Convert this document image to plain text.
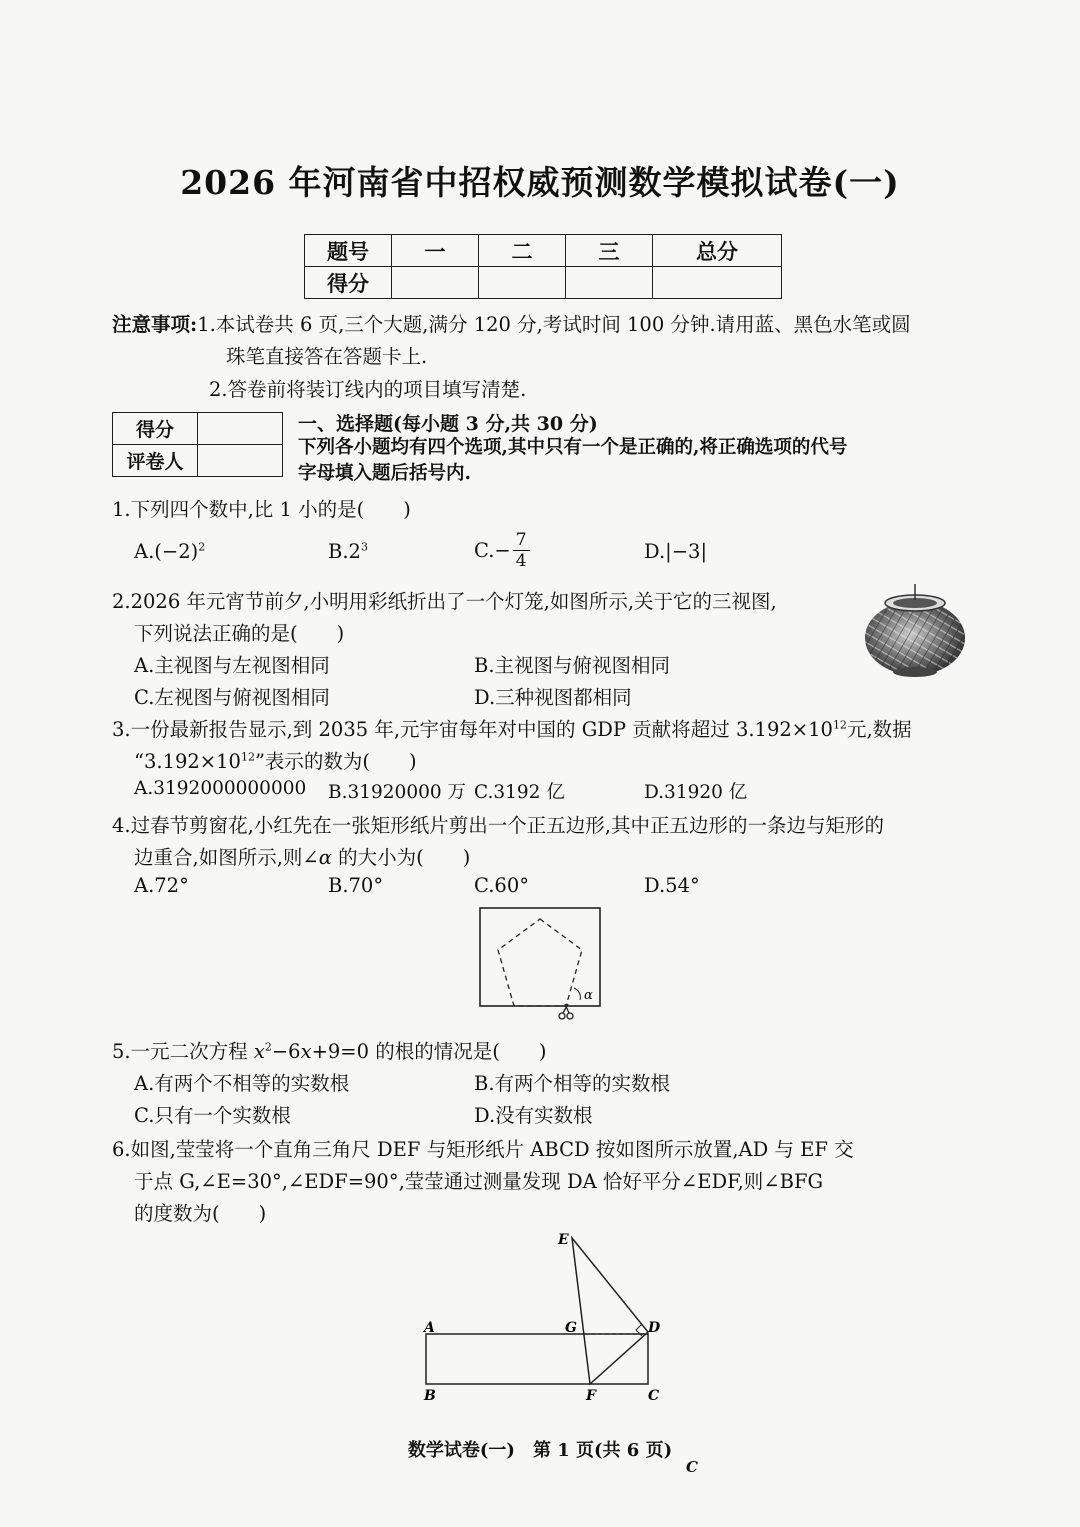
2026 年河南省中招权威预测数学模拟试卷(一)
题号	一	二	三	总分
得分				
注意事项:1.本试卷共 6 页,三个大题,满分 120 分,考试时间 100 分钟.请用蓝、黑色水笔或圆
珠笔直接答在答题卡上.
2.答卷前将装订线内的项目填写清楚.
得分	
评卷人	
一、选择题(每小题 3 分,共 30 分)
下列各小题均有四个选项,其中只有一个是正确的,将正确选项的代号
字母填入题后括号内.
1.下列四个数中,比 1 小的是(　　)
$A.(-2)^2$	$B.2^3$	$C.- \frac{7}{4}$	D.|−3|
2.2026 年元宵节前夕,小明用彩纸折出了一个灯笼,如图所示,关于它的三视图,
下列说法正确的是(　　)
A.主视图与左视图相同	B.主视图与俯视图相同
C.左视图与俯视图相同	D.三种视图都相同
3.一份最新报告显示,到 2035 年,元宇宙每年对中国的 GDP 贡献将超过 $3.192\times 10^{12}$元,数据
“$3.192\times 10^{12}$”表示的数为(　　)
A.3192000000000 B.31920000 万 C.3192 亿	D.31920 亿
4.过春节剪窗花,小红先在一张矩形纸片剪出一个正五边形,其中正五边形的一条边与矩形的
边重合,如图所示,则∠α 的大小为(　　)
A.72°	B.70°	C.60°	D.54°
α
5.一元二次方程 $x^2-6x+9=0$ 的根的情况是(　　)
A.有两个不相等的实数根	B.有两个相等的实数根
C.只有一个实数根	D.没有实数根
6.如图,莹莹将一个直角三角尺 DEF 与矩形纸片 ABCD 按如图所示放置,AD 与 EF 交
于点 G,∠E=30°,∠EDF=90°,莹莹通过测量发现 DA 恰好平分∠EDF,则∠BFG
的度数为(　　)
E
A	G	D
B	F	C
数学试卷(一)　第 1 页(共 6 页)
C
